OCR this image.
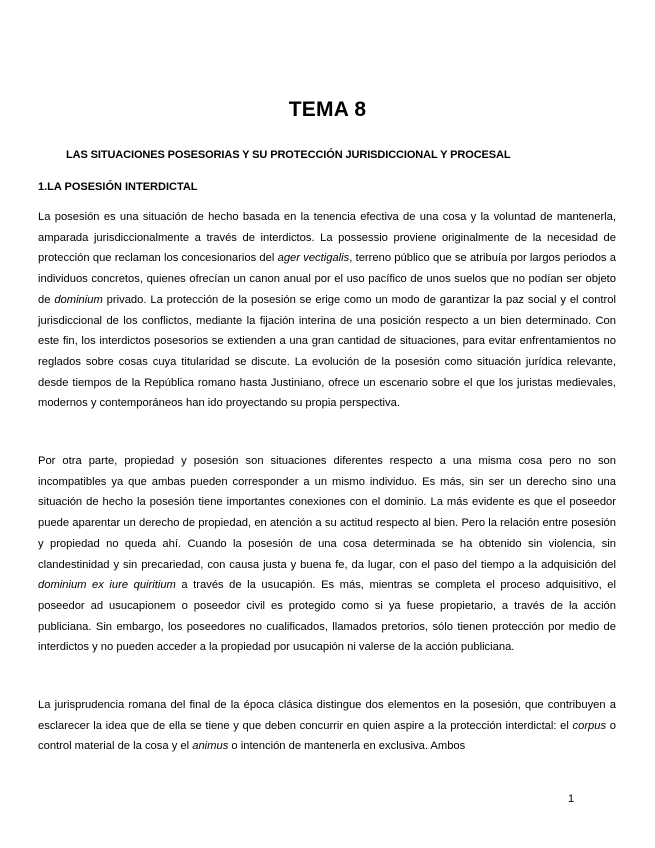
TEMA 8
LAS SITUACIONES POSESORIAS Y SU PROTECCIÓN JURISDICCIONAL Y PROCESAL
1.LA POSESIÓN INTERDICTAL

La posesión es una situación de hecho basada en la tenencia efectiva de una cosa y la voluntad de mantenerla, amparada jurisdiccionalmente a través de interdictos. La possessio proviene originalmente de la necesidad de protección que reclaman los concesionarios del ager vectigalis, terreno público que se atribuía por largos periodos a individuos concretos, quienes ofrecían un canon anual por el uso pacífico de unos suelos que no podían ser objeto de dominium privado. La protección de la posesión se erige como un modo de garantizar la paz social y el control jurisdiccional de los conflictos, mediante la fijación interina de una posición respecto a un bien determinado. Con este fin, los interdictos posesorios se extienden a una gran cantidad de situaciones, para evitar enfrentamientos no reglados sobre cosas cuya titularidad se discute. La evolución de la posesión como situación jurídica relevante, desde tiempos de la República romano hasta Justiniano, ofrece un escenario sobre el que los juristas medievales, modernos y contemporáneos han ido proyectando su propia perspectiva.

Por otra parte, propiedad y posesión son situaciones diferentes respecto a una misma cosa pero no son incompatibles ya que ambas pueden corresponder a un mismo individuo. Es más, sin ser un derecho sino una situación de hecho la posesión tiene importantes conexiones con el dominio. La más evidente es que el poseedor puede aparentar un derecho de propiedad, en atención a su actitud respecto al bien. Pero la relación entre posesión y propiedad no queda ahí. Cuando la posesión de una cosa determinada se ha obtenido sin violencia, sin clandestinidad y sin precariedad, con causa justa y buena fe, da lugar, con el paso del tiempo a la adquisición del dominium ex iure quiritium a través de la usucapión. Es más, mientras se completa el proceso adquisitivo, el poseedor ad usucapionem o poseedor civil es protegido como si ya fuese propietario, a través de la acción publiciana. Sin embargo, los poseedores no cualificados, llamados pretorios, sólo tienen protección por medio de interdictos y no pueden acceder a la propiedad por usucapión ni valerse de la acción publiciana.

La jurisprudencia romana del final de la época clásica distingue dos elementos en la posesión, que contribuyen a esclarecer la idea que de ella se tiene y que deben concurrir en quien aspire a la protección interdictal: el corpus o control material de la cosa y el animus o intención de mantenerla en exclusiva. Ambos

1
